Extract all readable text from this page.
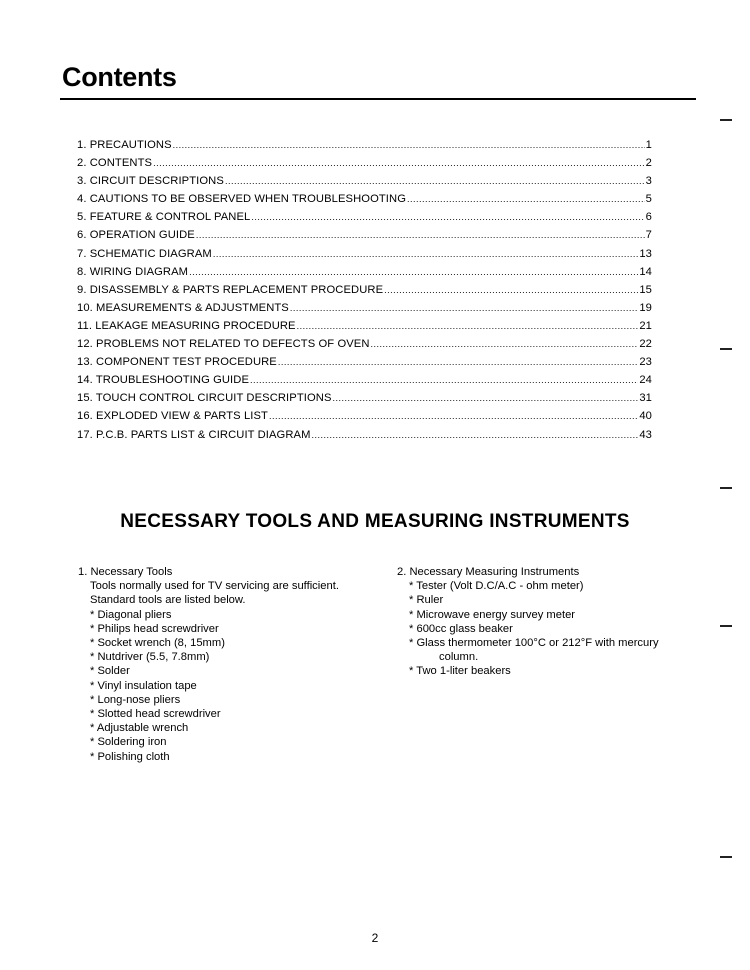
Contents
1. PRECAUTIONS .....	1
2. CONTENTS .....	2
3. CIRCUIT DESCRIPTIONS .....	3
4. CAUTIONS TO BE OBSERVED WHEN TROUBLESHOOTING .....	5
5. FEATURE & CONTROL PANEL .....	6
6. OPERATION GUIDE .....	7
7. SCHEMATIC DIAGRAM .....	13
8. WIRING DIAGRAM .....	14
9. DISASSEMBLY & PARTS REPLACEMENT PROCEDURE .....	15
10. MEASUREMENTS & ADJUSTMENTS .....	19
11. LEAKAGE MEASURING PROCEDURE .....	21
12. PROBLEMS NOT RELATED TO DEFECTS OF OVEN .....	22
13. COMPONENT TEST PROCEDURE .....	23
14. TROUBLESHOOTING GUIDE .....	24
15. TOUCH CONTROL CIRCUIT DESCRIPTIONS .....	31
16. EXPLODED VIEW & PARTS LIST .....	40
17. P.C.B. PARTS LIST & CIRCUIT DIAGRAM .....	43
NECESSARY TOOLS AND MEASURING INSTRUMENTS
1. Necessary Tools
Tools normally used for TV servicing are sufficient.
Standard tools are listed below.
* Diagonal pliers
* Philips head screwdriver
* Socket wrench (8, 15mm)
* Nutdriver (5.5, 7.8mm)
* Solder
* Vinyl insulation tape
* Long-nose pliers
* Slotted head screwdriver
* Adjustable wrench
* Soldering iron
* Polishing cloth
2. Necessary Measuring Instruments
* Tester (Volt D.C/A.C - ohm meter)
* Ruler
* Microwave energy survey meter
* 600cc glass beaker
* Glass thermometer 100°C or 212°F with mercury
column.
* Two 1-liter beakers
2
